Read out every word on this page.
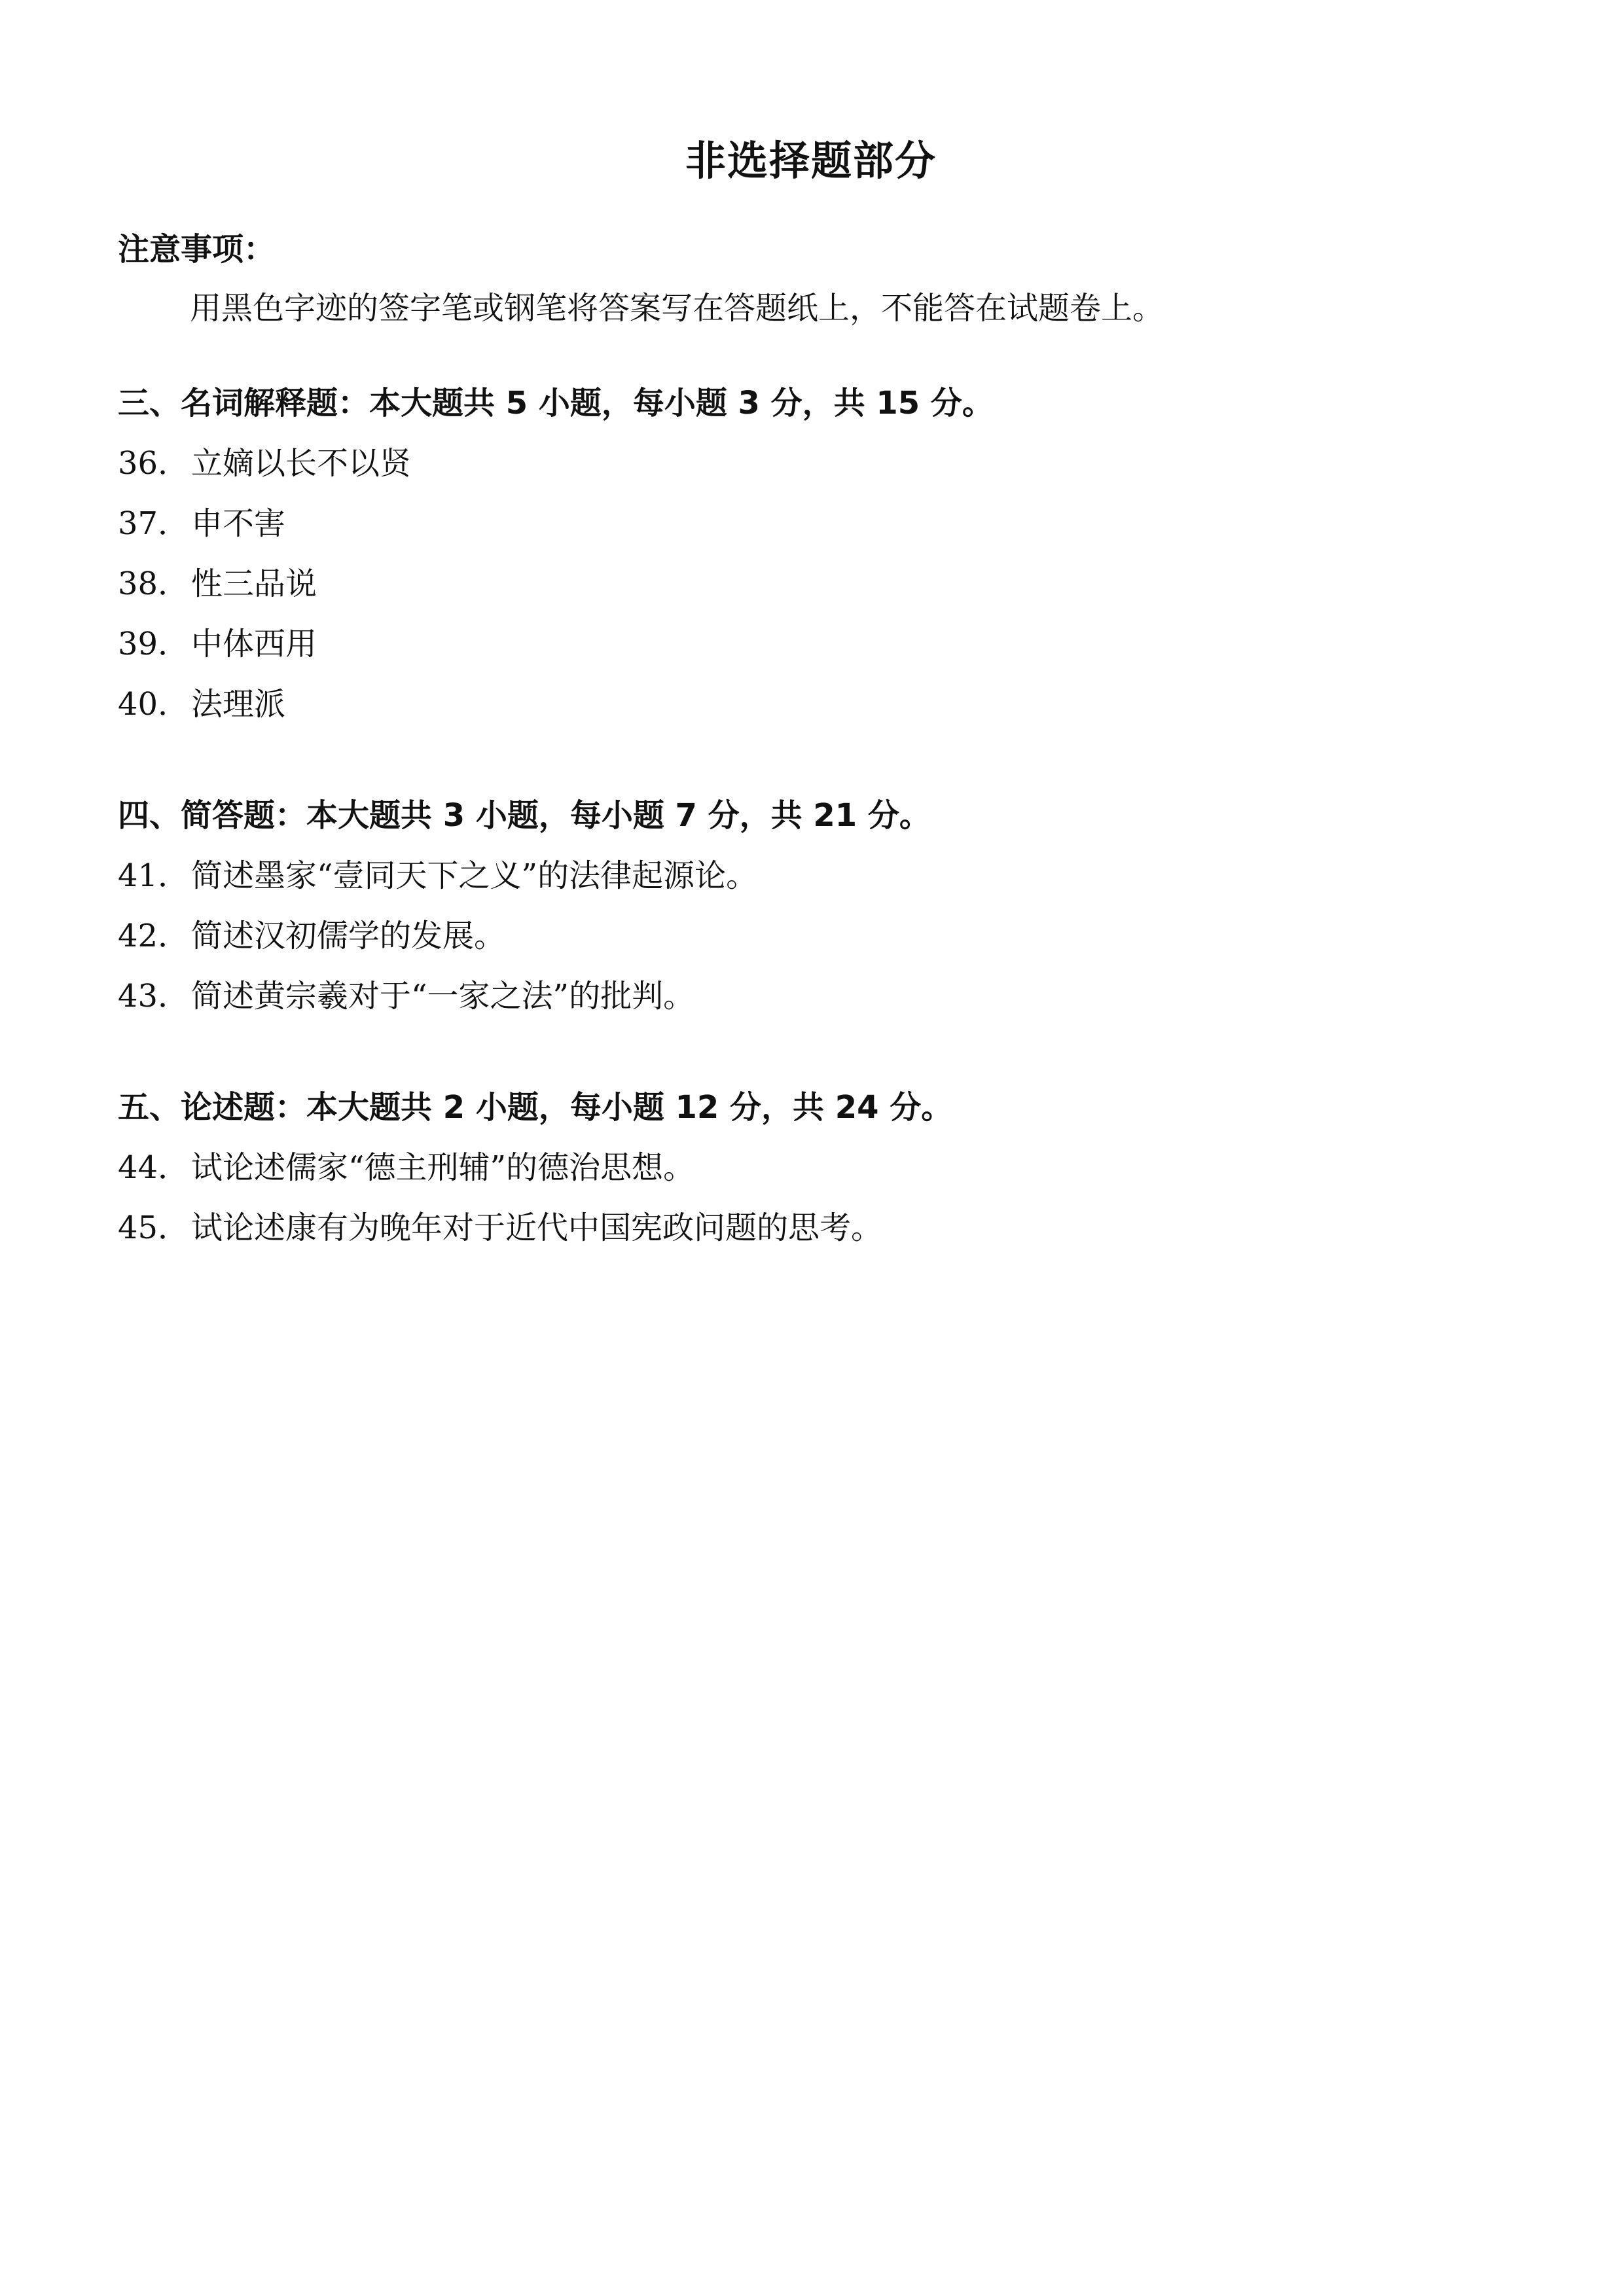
非选择题部分
注意事项：
用黑色字迹的签字笔或钢笔将答案写在答题纸上，不能答在试题卷上。
三、名词解释题：本大题共 5 小题，每小题 3 分，共 15 分。
36．立嫡以长不以贤
37．申不害
38．性三品说
39．中体西用
40．法理派
四、简答题：本大题共 3 小题，每小题 7 分，共 21 分。
41．简述墨家“壹同天下之义”的法律起源论。
42．简述汉初儒学的发展。
43．简述黄宗羲对于“一家之法”的批判。
五、论述题：本大题共 2 小题，每小题 12 分，共 24 分。
44．试论述儒家“德主刑辅”的德治思想。
45．试论述康有为晚年对于近代中国宪政问题的思考。
